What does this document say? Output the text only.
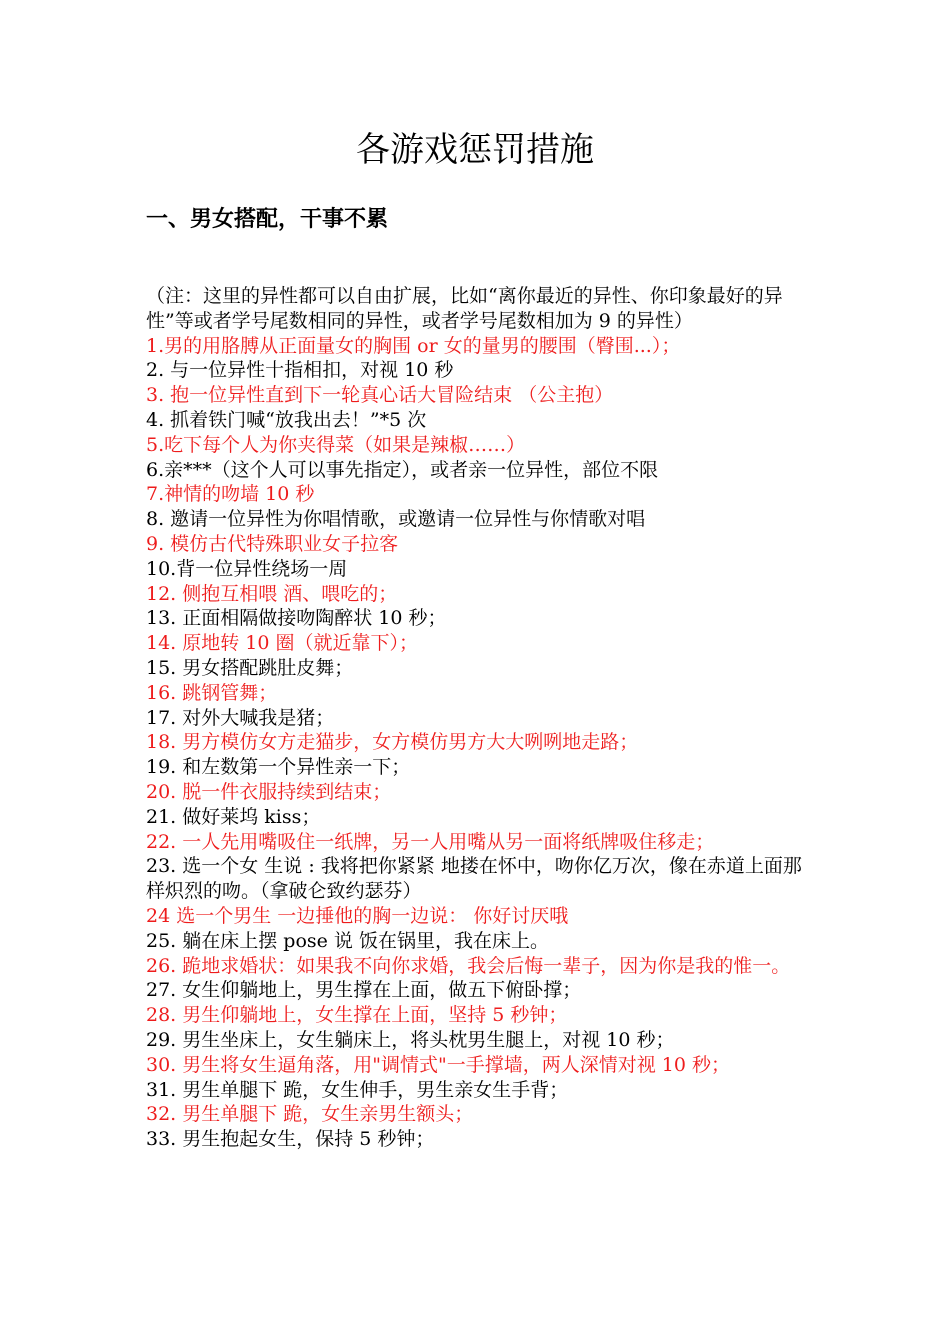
各游戏惩罚措施
一、男女搭配，干事不累

（注：这里的异性都可以自由扩展，比如“离你最近的异性、你印象最好的异性”等或者学号尾数相同的异性，或者学号尾数相加为 9 的异性）

1.男的用胳膊从正面量女的胸围 or 女的量男的腰围（臀围...）；

2. 与一位异性十指相扣，对视 10 秒

3. 抱一位异性直到下一轮真心话大冒险结束 （公主抱）

4. 抓着铁门喊“放我出去！”*5 次

5.吃下每个人为你夹得菜（如果是辣椒……）

6.亲***（这个人可以事先指定），或者亲一位异性，部位不限

7.神情的吻墙 10 秒

8. 邀请一位异性为你唱情歌，或邀请一位异性与你情歌对唱

9. 模仿古代特殊职业女子拉客

10.背一位异性绕场一周

12. 侧抱互相喂 酒、喂吃的；

13. 正面相隔做接吻陶醉状 10 秒；

14. 原地转 10 圈（就近靠下）；

15. 男女搭配跳肚皮舞；

16. 跳钢管舞；

17. 对外大喊我是猪；

18. 男方模仿女方走猫步，女方模仿男方大大咧咧地走路；

19. 和左数第一个异性亲一下；

20. 脱一件衣服持续到结束；

21. 做好莱坞 kiss；

22. 一人先用嘴吸住一纸牌，另一人用嘴从另一面将纸牌吸住移走；

23. 选一个女 生说 : 我将把你紧紧 地搂在怀中，吻你亿万次，像在赤道上面那样炽烈的吻。（拿破仑致约瑟芬）

24 选一个男生 一边捶他的胸一边说： 你好讨厌哦

25. 躺在床上摆 pose 说 饭在锅里，我在床上。

26. 跪地求婚状：如果我不向你求婚，我会后悔一辈子，因为你是我的惟一。

27. 女生仰躺地上，男生撑在上面，做五下俯卧撑；

28. 男生仰躺地上，女生撑在上面，坚持 5 秒钟；

29. 男生坐床上，女生躺床上，将头枕男生腿上，对视 10 秒；

30. 男生将女生逼角落，用"调情式"一手撑墙，两人深情对视 10 秒；

31. 男生单腿下 跪，女生伸手，男生亲女生手背；

32. 男生单腿下 跪，女生亲男生额头；

33. 男生抱起女生，保持 5 秒钟；
